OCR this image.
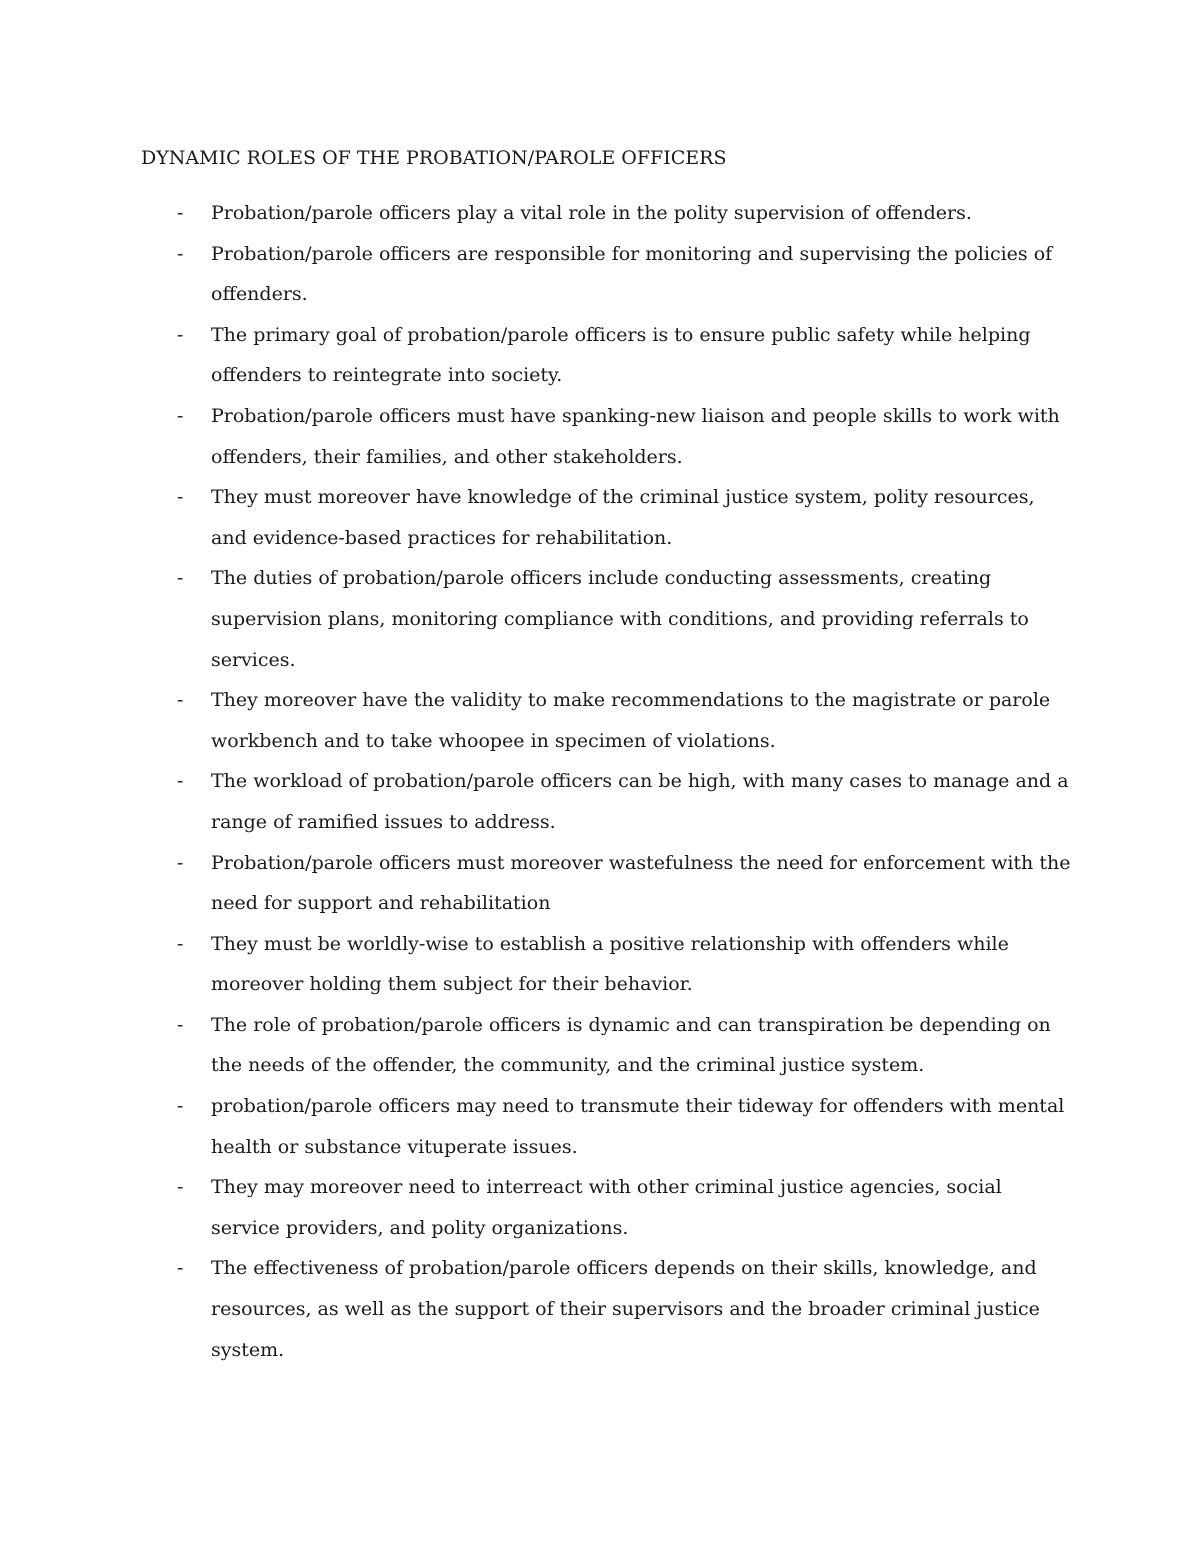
DYNAMIC ROLES OF THE PROBATION/PAROLE OFFICERS
- Probation/parole officers play a vital role in the polity supervision of offenders.
- Probation/parole officers are responsible for monitoring and supervising the policies of offenders.
- The primary goal of probation/parole officers is to ensure public safety while helping offenders to reintegrate into society.
- Probation/parole officers must have spanking-new liaison and people skills to work with offenders, their families, and other stakeholders.
- They must moreover have knowledge of the criminal justice system, polity resources, and evidence-based practices for rehabilitation.
- The duties of probation/parole officers include conducting assessments, creating supervision plans, monitoring compliance with conditions, and providing referrals to services.
- They moreover have the validity to make recommendations to the magistrate or parole workbench and to take whoopee in specimen of violations.
- The workload of probation/parole officers can be high, with many cases to manage and a range of ramified issues to address.
- Probation/parole officers must moreover wastefulness the need for enforcement with the need for support and rehabilitation
- They must be worldly-wise to establish a positive relationship with offenders while moreover holding them subject for their behavior.
- The role of probation/parole officers is dynamic and can transpiration be depending on the needs of the offender, the community, and the criminal justice system.
- probation/parole officers may need to transmute their tideway for offenders with mental health or substance vituperate issues.
- They may moreover need to interreact with other criminal justice agencies, social service providers, and polity organizations.
- The effectiveness of probation/parole officers depends on their skills, knowledge, and resources, as well as the support of their supervisors and the broader criminal justice system.
